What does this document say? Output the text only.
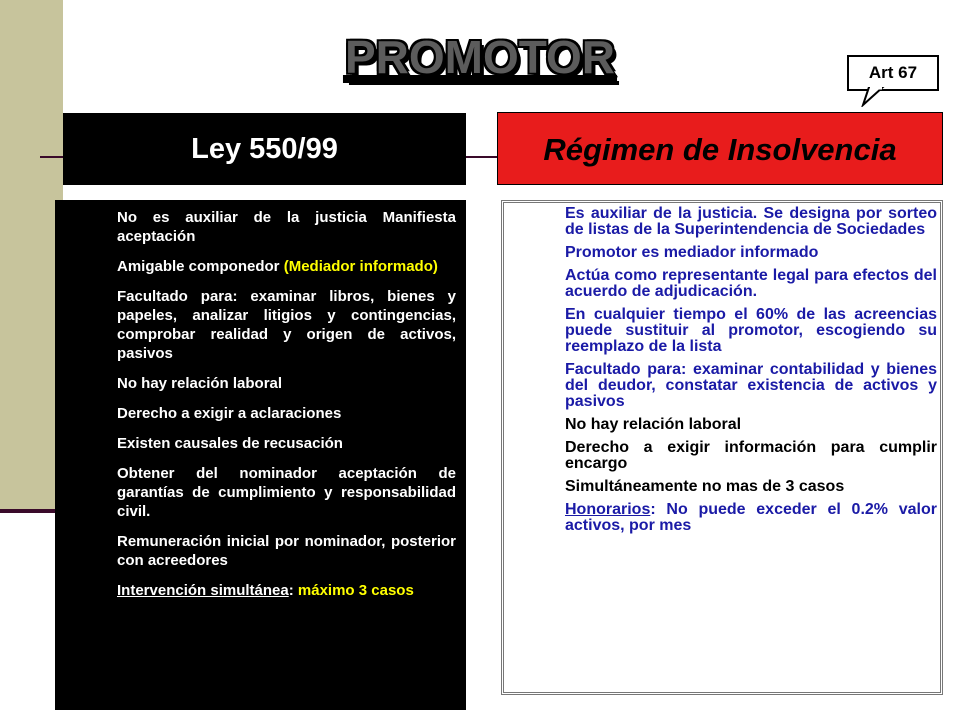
PROMOTOR	Art 67
Ley 550/99	Régimen de Insolvencia
No es auxiliar de la justicia Manifiesta aceptación
Amigable componedor (Mediador informado)
Facultado para: examinar libros, bienes y papeles, analizar litigios y contingencias, comprobar realidad y origen de activos, pasivos
No hay relación laboral
Derecho a exigir a aclaraciones
Existen causales de recusación
Obtener del nominador aceptación de garantías de cumplimiento y responsabilidad civil.
Remuneración inicial por nominador, posterior con acreedores
Intervención simultánea: máximo 3 casos
Es auxiliar de la justicia. Se designa por sorteo de listas de la Superintendencia de Sociedades
Promotor es mediador informado
Actúa como representante legal para efectos del acuerdo de adjudicación.
En cualquier tiempo el 60% de las acreencias puede sustituir al promotor, escogiendo su reemplazo de la lista
Facultado para: examinar contabilidad y bienes del deudor, constatar existencia de activos y pasivos
No hay relación laboral
Derecho a exigir información para cumplir encargo
Simultáneamente no mas de 3 casos
Honorarios: No puede exceder el 0.2% valor activos, por mes
